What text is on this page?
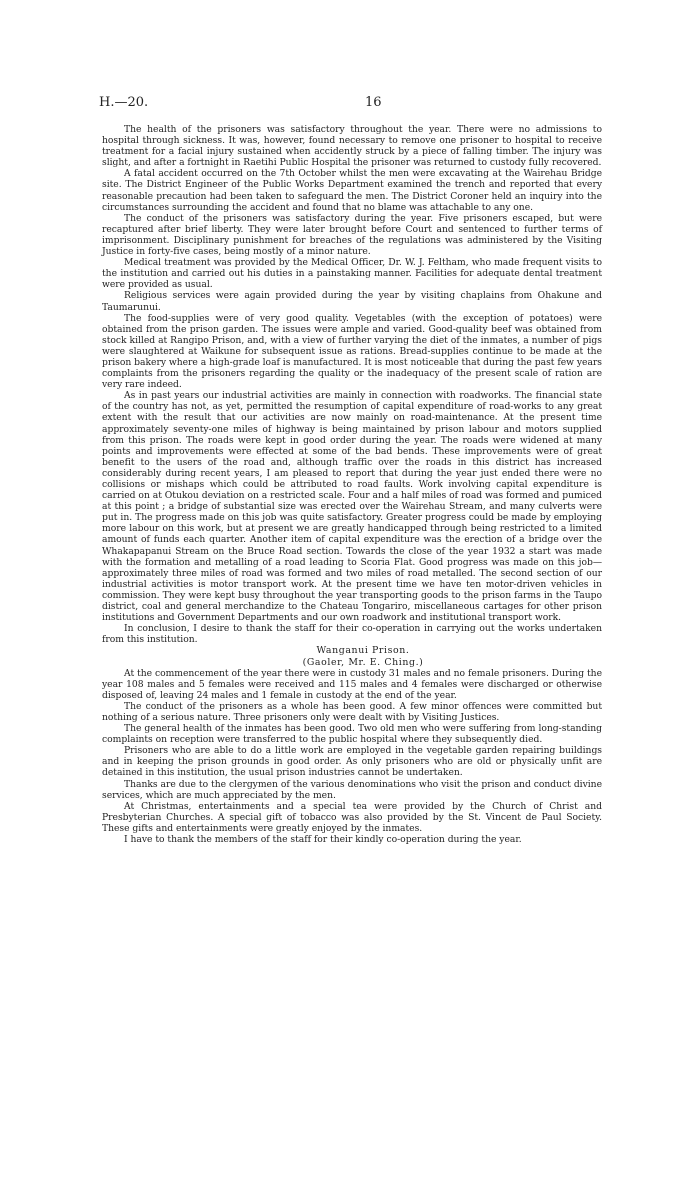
H.—20.	16

The health of the prisoners was satisfactory throughout the year. There were no admissions to hospital through sickness. It was, however, found necessary to remove one prisoner to hospital to receive treatment for a facial injury sustained when accidently struck by a piece of falling timber. The injury was slight, and after a fortnight in Raetihi Public Hospital the prisoner was returned to custody fully recovered.

A fatal accident occurred on the 7th October whilst the men were excavating at the Wairehau Bridge site. The District Engineer of the Public Works Department examined the trench and reported that every reasonable precaution had been taken to safeguard the men. The District Coroner held an inquiry into the circumstances surrounding the accident and found that no blame was attachable to any one.

The conduct of the prisoners was satisfactory during the year. Five prisoners escaped, but were recaptured after brief liberty. They were later brought before Court and sentenced to further terms of imprisonment. Disciplinary punishment for breaches of the regulations was administered by the Visiting Justice in forty-five cases, being mostly of a minor nature.

Medical treatment was provided by the Medical Officer, Dr. W. J. Feltham, who made frequent visits to the institution and carried out his duties in a painstaking manner. Facilities for adequate dental treatment were provided as usual.

Religious services were again provided during the year by visiting chaplains from Ohakune and Taumarunui.

The food-supplies were of very good quality. Vegetables (with the exception of potatoes) were obtained from the prison garden. The issues were ample and varied. Good-quality beef was obtained from stock killed at Rangipo Prison, and, with a view of further varying the diet of the inmates, a number of pigs were slaughtered at Waikune for subsequent issue as rations. Bread-supplies continue to be made at the prison bakery where a high-grade loaf is manufactured. It is most noticeable that during the past few years complaints from the prisoners regarding the quality or the inadequacy of the present scale of ration are very rare indeed.

As in past years our industrial activities are mainly in connection with roadworks. The financial state of the country has not, as yet, permitted the resumption of capital expenditure of road-works to any great extent with the result that our activities are now mainly on road-maintenance. At the present time approximately seventy-one miles of highway is being maintained by prison labour and motors supplied from this prison. The roads were kept in good order during the year. The roads were widened at many points and improvements were effected at some of the bad bends. These improvements were of great benefit to the users of the road and, although traffic over the roads in this district has increased considerably during recent years, I am pleased to report that during the year just ended there were no collisions or mishaps which could be attributed to road faults. Work involving capital expenditure is carried on at Otukou deviation on a restricted scale. Four and a half miles of road was formed and pumiced at this point ; a bridge of substantial size was erected over the Wairehau Stream, and many culverts were put in. The progress made on this job was quite satisfactory. Greater progress could be made by employing more labour on this work, but at present we are greatly handicapped through being restricted to a limited amount of funds each quarter. Another item of capital expenditure was the erection of a bridge over the Whakapapanui Stream on the Bruce Road section. Towards the close of the year 1932 a start was made with the formation and metalling of a road leading to Scoria Flat. Good progress was made on this job—approximately three miles of road was formed and two miles of road metalled. The second section of our industrial activities is motor transport work. At the present time we have ten motor-driven vehicles in commission. They were kept busy throughout the year transporting goods to the prison farms in the Taupo district, coal and general merchandize to the Chateau Tongariro, miscellaneous cartages for other prison institutions and Government Departments and our own roadwork and institutional transport work.

In conclusion, I desire to thank the staff for their co-operation in carrying out the works undertaken from this institution.

Wanganui Prison.

(Gaoler, Mr. E. Ching.)

At the commencement of the year there were in custody 31 males and no female prisoners. During the year 108 males and 5 females were received and 115 males and 4 females were discharged or otherwise disposed of, leaving 24 males and 1 female in custody at the end of the year.

The conduct of the prisoners as a whole has been good. A few minor offences were committed but nothing of a serious nature. Three prisoners only were dealt with by Visiting Justices.

The general health of the inmates has been good. Two old men who were suffering from long-standing complaints on reception were transferred to the public hospital where they subsequently died.

Prisoners who are able to do a little work are employed in the vegetable garden repairing buildings and in keeping the prison grounds in good order. As only prisoners who are old or physically unfit are detained in this institution, the usual prison industries cannot be undertaken.

Thanks are due to the clergymen of the various denominations who visit the prison and conduct divine services, which are much appreciated by the men.

At Christmas, entertainments and a special tea were provided by the Church of Christ and Presbyterian Churches. A special gift of tobacco was also provided by the St. Vincent de Paul Society. These gifts and entertainments were greatly enjoyed by the inmates.

I have to thank the members of the staff for their kindly co-operation during the year.
